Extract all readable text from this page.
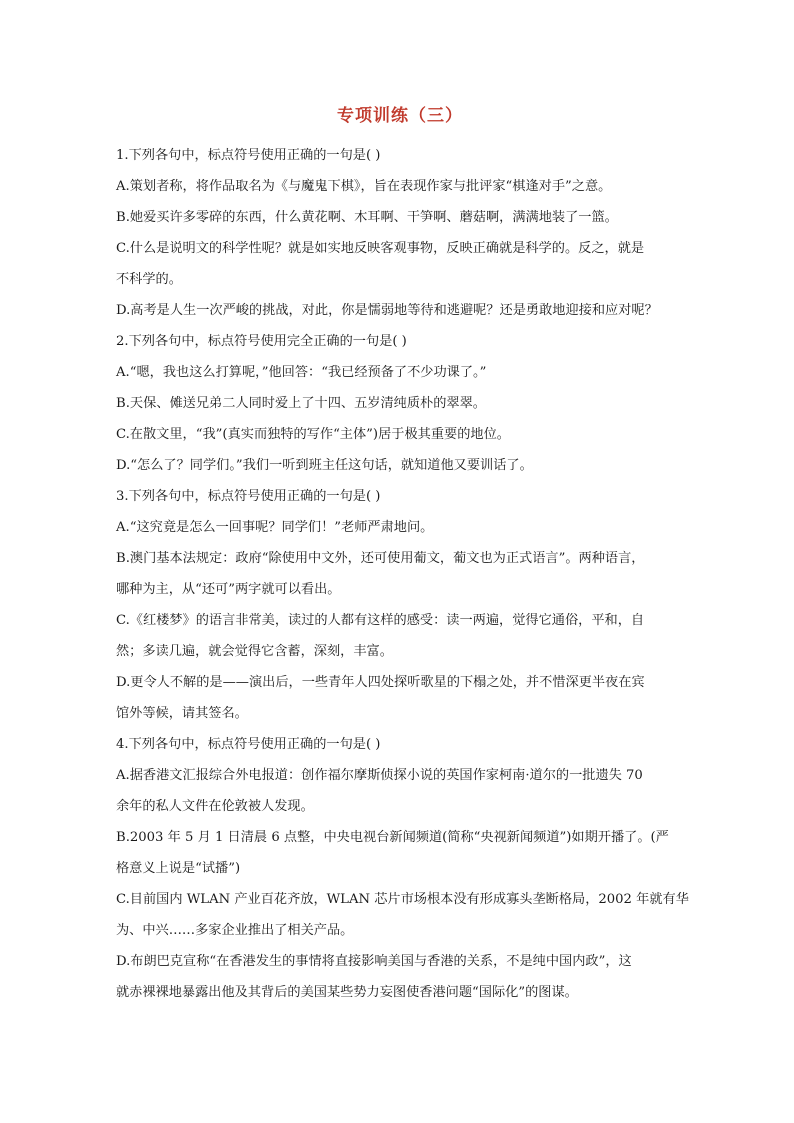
专项训练（三）
1.下列各句中，标点符号使用正确的一句是( )
A.策划者称，将作品取名为《与魔鬼下棋》，旨在表现作家与批评家“棋逢对手”之意。
B.她爱买许多零碎的东西，什么黄花啊、木耳啊、干笋啊、蘑菇啊，满满地装了一篮。
C.什么是说明文的科学性呢？就是如实地反映客观事物，反映正确就是科学的。反之，就是
不科学的。
D.高考是人生一次严峻的挑战，对此，你是懦弱地等待和逃避呢？还是勇敢地迎接和应对呢？
2.下列各句中，标点符号使用完全正确的一句是( )
A.“嗯，我也这么打算呢，”他回答：“我已经预备了不少功课了。”
B.天保、傩送兄弟二人同时爱上了十四、五岁清纯质朴的翠翠。
C.在散文里，“我”(真实而独特的写作“主体”)居于极其重要的地位。
D.“怎么了？同学们。”我们一听到班主任这句话，就知道他又要训话了。
3.下列各句中，标点符号使用正确的一句是( )
A.“这究竟是怎么一回事呢？同学们！”老师严肃地问。
B.澳门基本法规定：政府“除使用中文外，还可使用葡文，葡文也为正式语言”。两种语言，
哪种为主，从“还可”两字就可以看出。
C.《红楼梦》的语言非常美，读过的人都有这样的感受：读一两遍，觉得它通俗，平和，自
然；多读几遍，就会觉得它含蓄，深刻，丰富。
D.更令人不解的是——演出后，一些青年人四处探听歌星的下榻之处，并不惜深更半夜在宾
馆外等候，请其签名。
4.下列各句中，标点符号使用正确的一句是( )
A.据香港文汇报综合外电报道：创作福尔摩斯侦探小说的英国作家柯南·道尔的一批遗失 70
余年的私人文件在伦敦被人发现。
B.2003 年 5 月 1 日清晨 6 点整，中央电视台新闻频道(简称“央视新闻频道”)如期开播了。(严
格意义上说是“试播”)
C.目前国内 WLAN 产业百花齐放，WLAN 芯片市场根本没有形成寡头垄断格局，2002 年就有华
为、中兴……多家企业推出了相关产品。
D.布朗巴克宣称“在香港发生的事情将直接影响美国与香港的关系，不是纯中国内政”，这
就赤裸裸地暴露出他及其背后的美国某些势力妄图使香港问题“国际化”的图谋。
